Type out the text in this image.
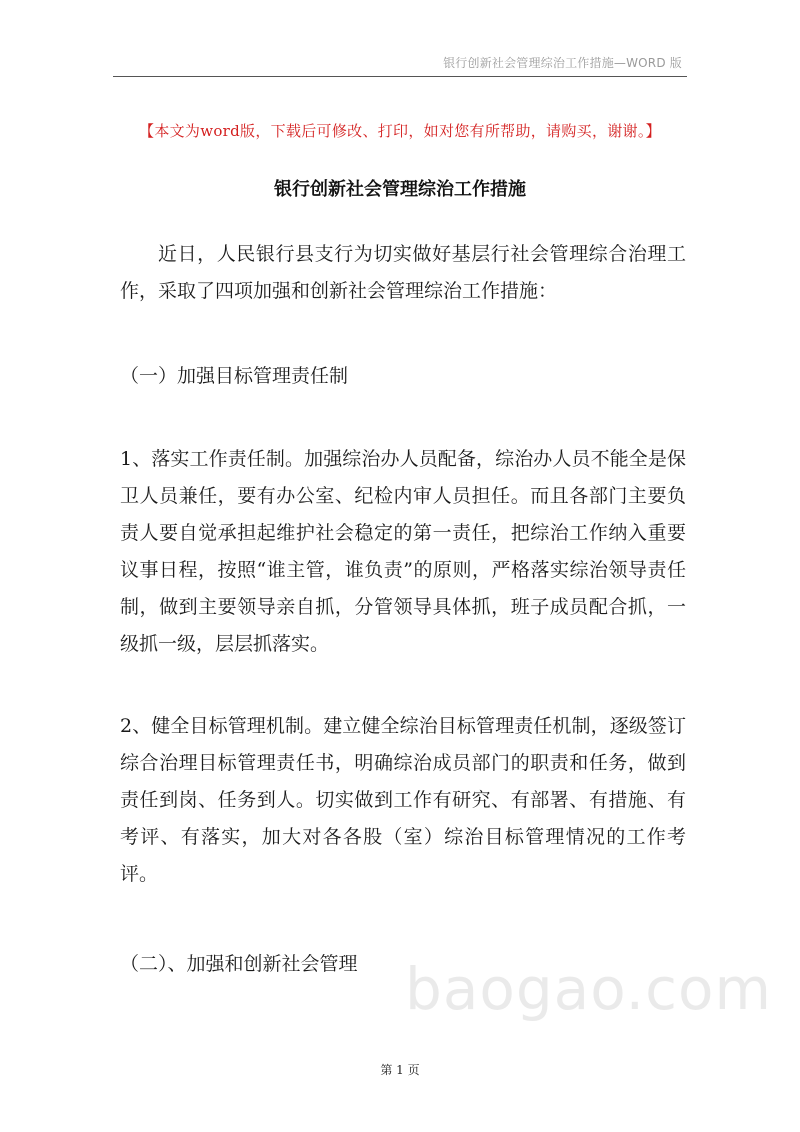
银行创新社会管理综治工作措施—WORD 版
【本文为word版，下载后可修改、打印，如对您有所帮助，请购买，谢谢。】
银行创新社会管理综治工作措施

近日，人民银行县支行为切实做好基层行社会管理综合治理工作，采取了四项加强和创新社会管理综治工作措施：

（一）加强目标管理责任制

1、落实工作责任制。加强综治办人员配备，综治办人员不能全是保卫人员兼任，要有办公室、纪检内审人员担任。而且各部门主要负责人要自觉承担起维护社会稳定的第一责任，把综治工作纳入重要议事日程，按照“谁主管，谁负责”的原则，严格落实综治领导责任制，做到主要领导亲自抓，分管领导具体抓，班子成员配合抓，一级抓一级，层层抓落实。

2、健全目标管理机制。建立健全综治目标管理责任机制，逐级签订综合治理目标管理责任书，明确综治成员部门的职责和任务，做到责任到岗、任务到人。切实做到工作有研究、有部署、有措施、有考评、有落实，加大对各各股（室）综治目标管理情况的工作考评。

（二）、加强和创新社会管理 baogao.com
第 1 页
